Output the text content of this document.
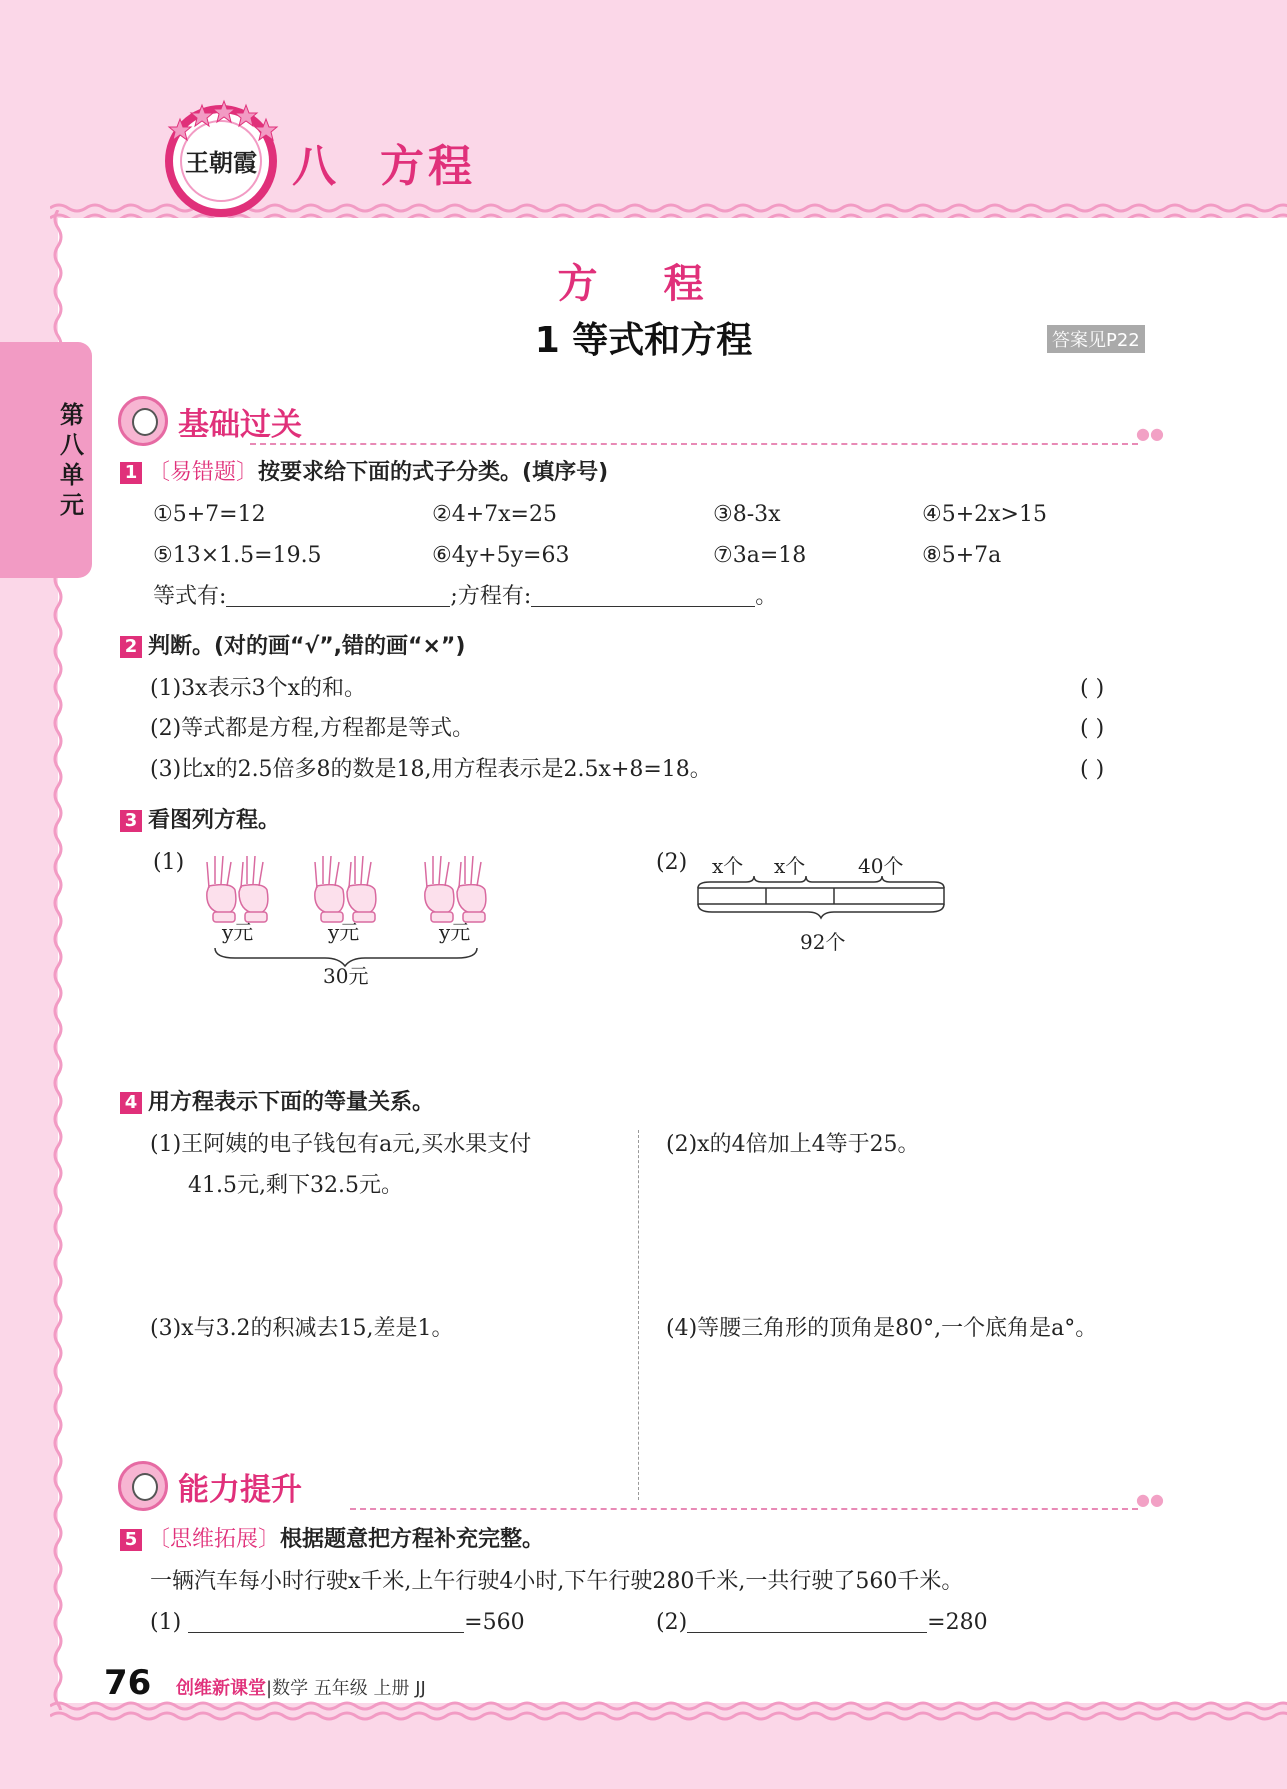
王朝霞 八 方程
第八单元
方 程
1 等式和方程	答案见P22
基础过关	●●
1 〔易错题〕按要求给下面的式子分类。(填序号)
①5+7=12	②4+7x=25	③8-3x	④5+2x>15
⑤13×1.5=19.5	⑥4y+5y=63	⑦3a=18	⑧5+7a
等式有:	;方程有:	。
2 判断。(对的画“√”,错的画“×”)
(1)3x表示3个x的和。
(2)等式都是方程,方程都是等式。
(3)比x的2.5倍多8的数是18,用方程表示是2.5x+8=18。
( )
( )
( )
3 看图列方程。
(1)
y元	y元	y元
30元
(2) x个 x个	40个
92个
4 用方程表示下面的等量关系。
(1)王阿姨的电子钱包有a元,买水果支付
41.5元,剩下32.5元。
(2)x的4倍加上4等于25。
(3)x与3.2的积减去15,差是1。	(4)等腰三角形的顶角是80°,一个底角是a°。
能力提升	●●
5 〔思维拓展〕根据题意把方程补充完整。
一辆汽车每小时行驶x千米,上午行驶4小时,下午行驶280千米,一共行驶了560千米。
(1)	=560	(2)	=280
76 创维新课堂|数学 五年级 上册 JJ
